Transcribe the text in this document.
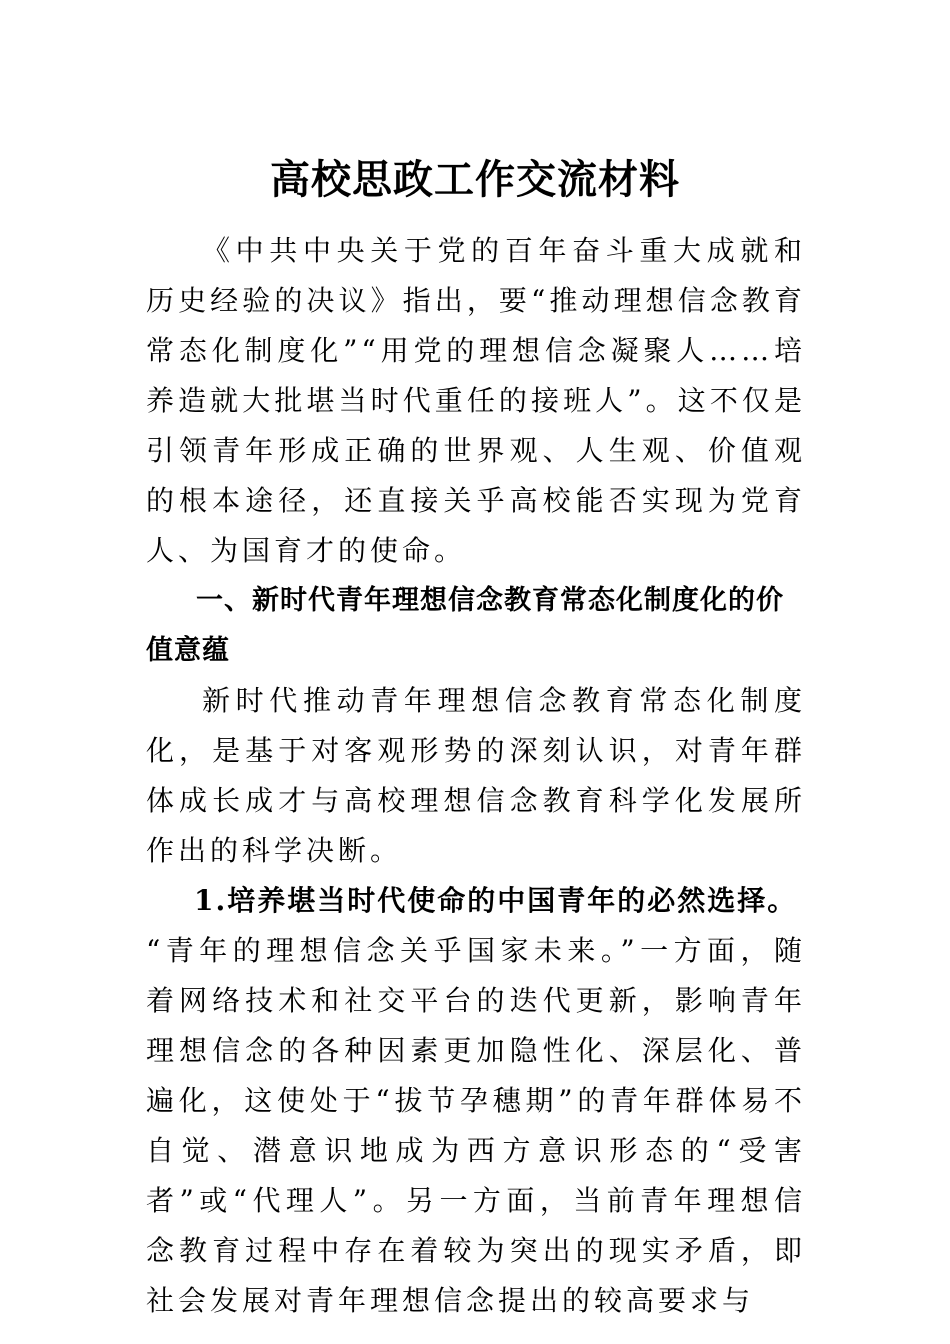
高校思政工作交流材料

《中共中央关于党的百年奋斗重大成就和历史经验的决议》指出，要“推动理想信念教育常态化制度化”“用党的理想信念凝聚人……培养造就大批堪当时代重任的接班人”。这不仅是引领青年形成正确的世界观、人生观、价值观的根本途径，还直接关乎高校能否实现为党育人、为国育才的使命。

一、新时代青年理想信念教育常态化制度化的价值意蕴

新时代推动青年理想信念教育常态化制度化，是基于对客观形势的深刻认识，对青年群体成长成才与高校理想信念教育科学化发展所作出的科学决断。

1.培养堪当时代使命的中国青年的必然选择。

“青年的理想信念关乎国家未来。”一方面，随着网络技术和社交平台的迭代更新，影响青年理想信念的各种因素更加隐性化、深层化、普遍化，这使处于“拔节孕穗期”的青年群体易不自觉、潜意识地成为西方意识形态的“受害者”或“代理人”。另一方面，当前青年理想信念教育过程中存在着较为突出的现实矛盾，即社会发展对青年理想信念提出的较高要求与
